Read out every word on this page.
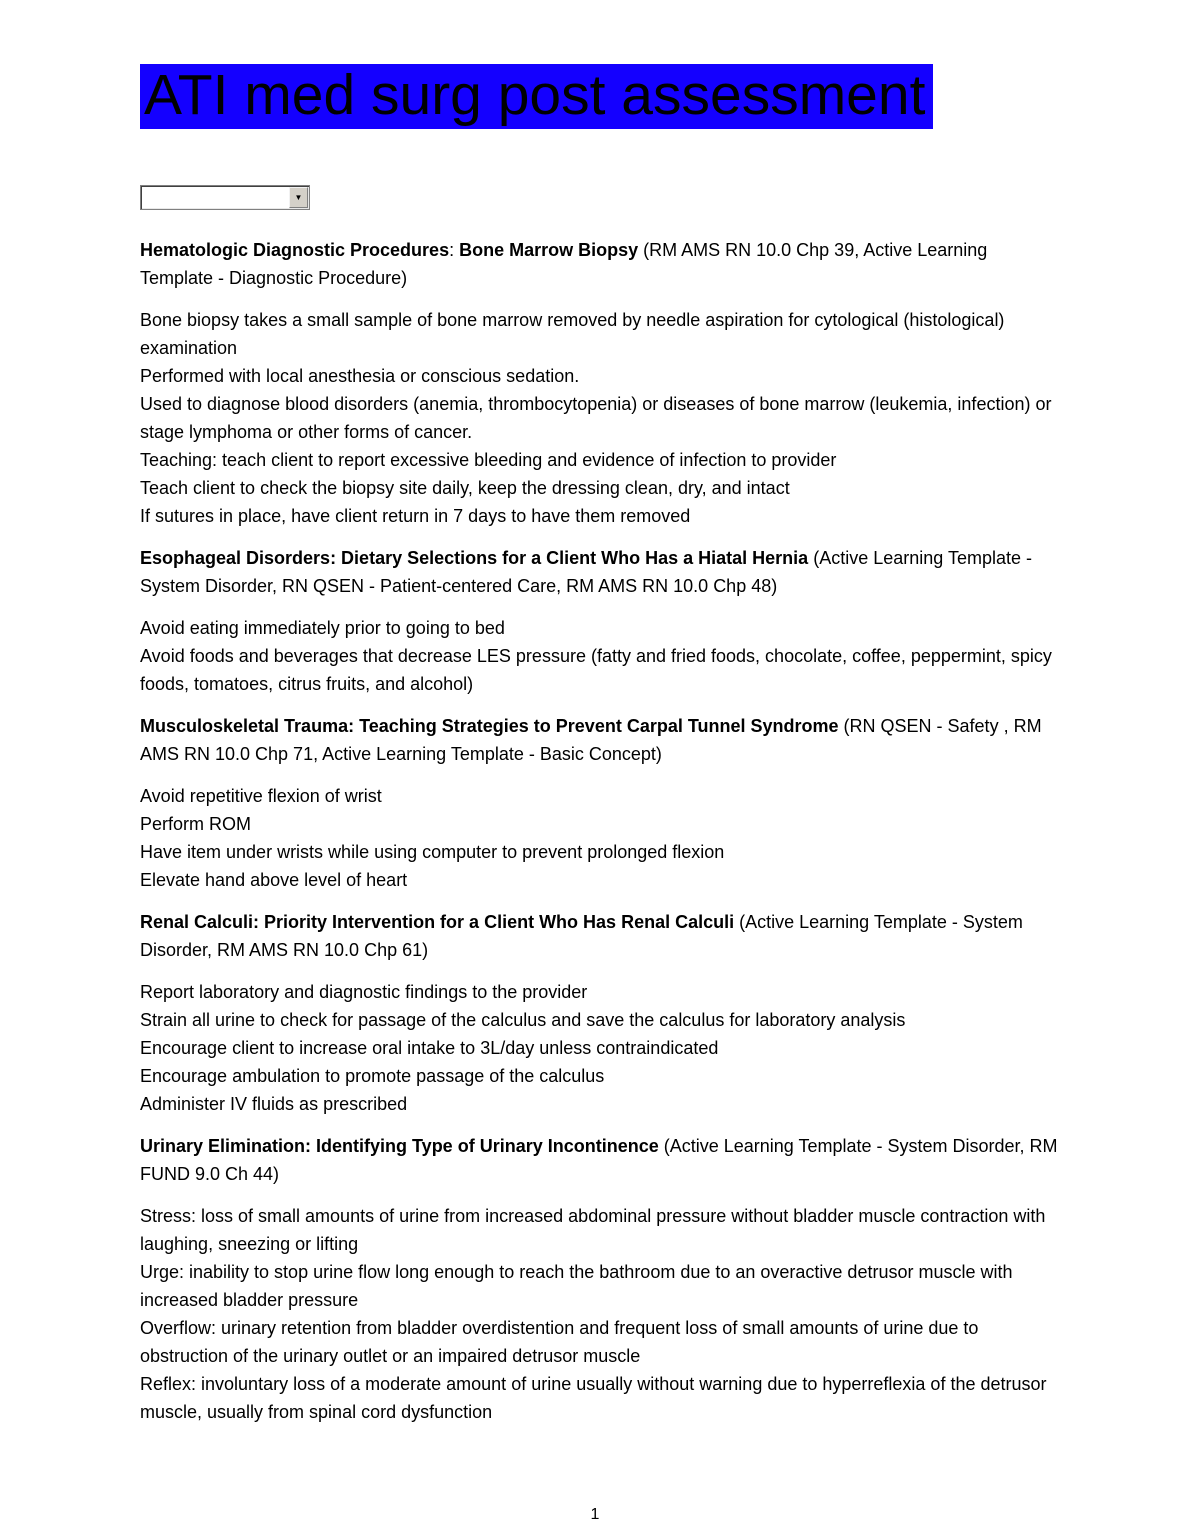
ATI med surg post assessment
▼
Hematologic Diagnostic Procedures: Bone Marrow Biopsy (RM AMS RN 10.0 Chp 39, Active Learning Template - Diagnostic Procedure)
Bone biopsy takes a small sample of bone marrow removed by needle aspiration for cytological (histological) examination
Performed with local anesthesia or conscious sedation.
Used to diagnose blood disorders (anemia, thrombocytopenia) or diseases of bone marrow (leukemia, infection) or stage lymphoma or other forms of cancer.
Teaching: teach client to report excessive bleeding and evidence of infection to provider
Teach client to check the biopsy site daily, keep the dressing clean, dry, and intact
If sutures in place, have client return in 7 days to have them removed
Esophageal Disorders: Dietary Selections for a Client Who Has a Hiatal Hernia (Active Learning Template - System Disorder, RN QSEN - Patient-centered Care, RM AMS RN 10.0 Chp 48)
Avoid eating immediately prior to going to bed
Avoid foods and beverages that decrease LES pressure (fatty and fried foods, chocolate, coffee, peppermint, spicy foods, tomatoes, citrus fruits, and alcohol)
Musculoskeletal Trauma: Teaching Strategies to Prevent Carpal Tunnel Syndrome (RN QSEN - Safety , RM AMS RN 10.0 Chp 71, Active Learning Template - Basic Concept)
Avoid repetitive flexion of wrist
Perform ROM
Have item under wrists while using computer to prevent prolonged flexion
Elevate hand above level of heart
Renal Calculi: Priority Intervention for a Client Who Has Renal Calculi (Active Learning Template - System Disorder, RM AMS RN 10.0 Chp 61)
Report laboratory and diagnostic findings to the provider
Strain all urine to check for passage of the calculus and save the calculus for laboratory analysis
Encourage client to increase oral intake to 3L/day unless contraindicated
Encourage ambulation to promote passage of the calculus
Administer IV fluids as prescribed
Urinary Elimination: Identifying Type of Urinary Incontinence (Active Learning Template - System Disorder, RM FUND 9.0 Ch 44)
Stress: loss of small amounts of urine from increased abdominal pressure without bladder muscle contraction with laughing, sneezing or lifting
Urge: inability to stop urine flow long enough to reach the bathroom due to an overactive detrusor muscle with increased bladder pressure
Overflow: urinary retention from bladder overdistention and frequent loss of small amounts of urine due to obstruction of the urinary outlet or an impaired detrusor muscle
Reflex: involuntary loss of a moderate amount of urine usually without warning due to hyperreflexia of the detrusor muscle, usually from spinal cord dysfunction
1
